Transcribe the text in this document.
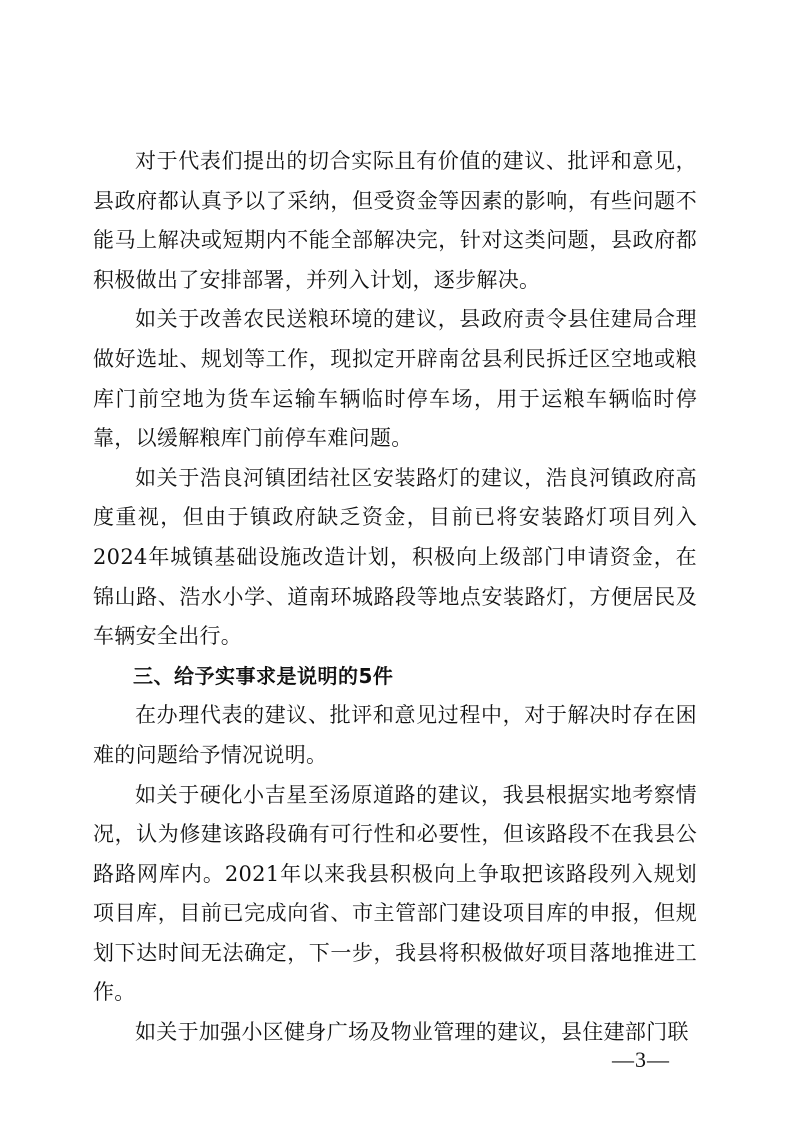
对于代表们提出的切合实际且有价值的建议、批评和意见，县政府都认真予以了采纳，但受资金等因素的影响，有些问题不能马上解决或短期内不能全部解决完，针对这类问题，县政府都积极做出了安排部署，并列入计划，逐步解决。

如关于改善农民送粮环境的建议，县政府责令县住建局合理做好选址、规划等工作，现拟定开辟南岔县利民拆迁区空地或粮库门前空地为货车运输车辆临时停车场，用于运粮车辆临时停靠，以缓解粮库门前停车难问题。

如关于浩良河镇团结社区安装路灯的建议，浩良河镇政府高度重视，但由于镇政府缺乏资金，目前已将安装路灯项目列入2024年城镇基础设施改造计划，积极向上级部门申请资金，在锦山路、浩水小学、道南环城路段等地点安装路灯，方便居民及车辆安全出行。

三、给予实事求是说明的5件

在办理代表的建议、批评和意见过程中，对于解决时存在困难的问题给予情况说明。

如关于硬化小吉星至汤原道路的建议，我县根据实地考察情况，认为修建该路段确有可行性和必要性，但该路段不在我县公路路网库内。2021年以来我县积极向上争取把该路段列入规划项目库，目前已完成向省、市主管部门建设项目库的申报，但规划下达时间无法确定，下一步，我县将积极做好项目落地推进工作。

如关于加强小区健身广场及物业管理的建议，县住建部门联

—3—
